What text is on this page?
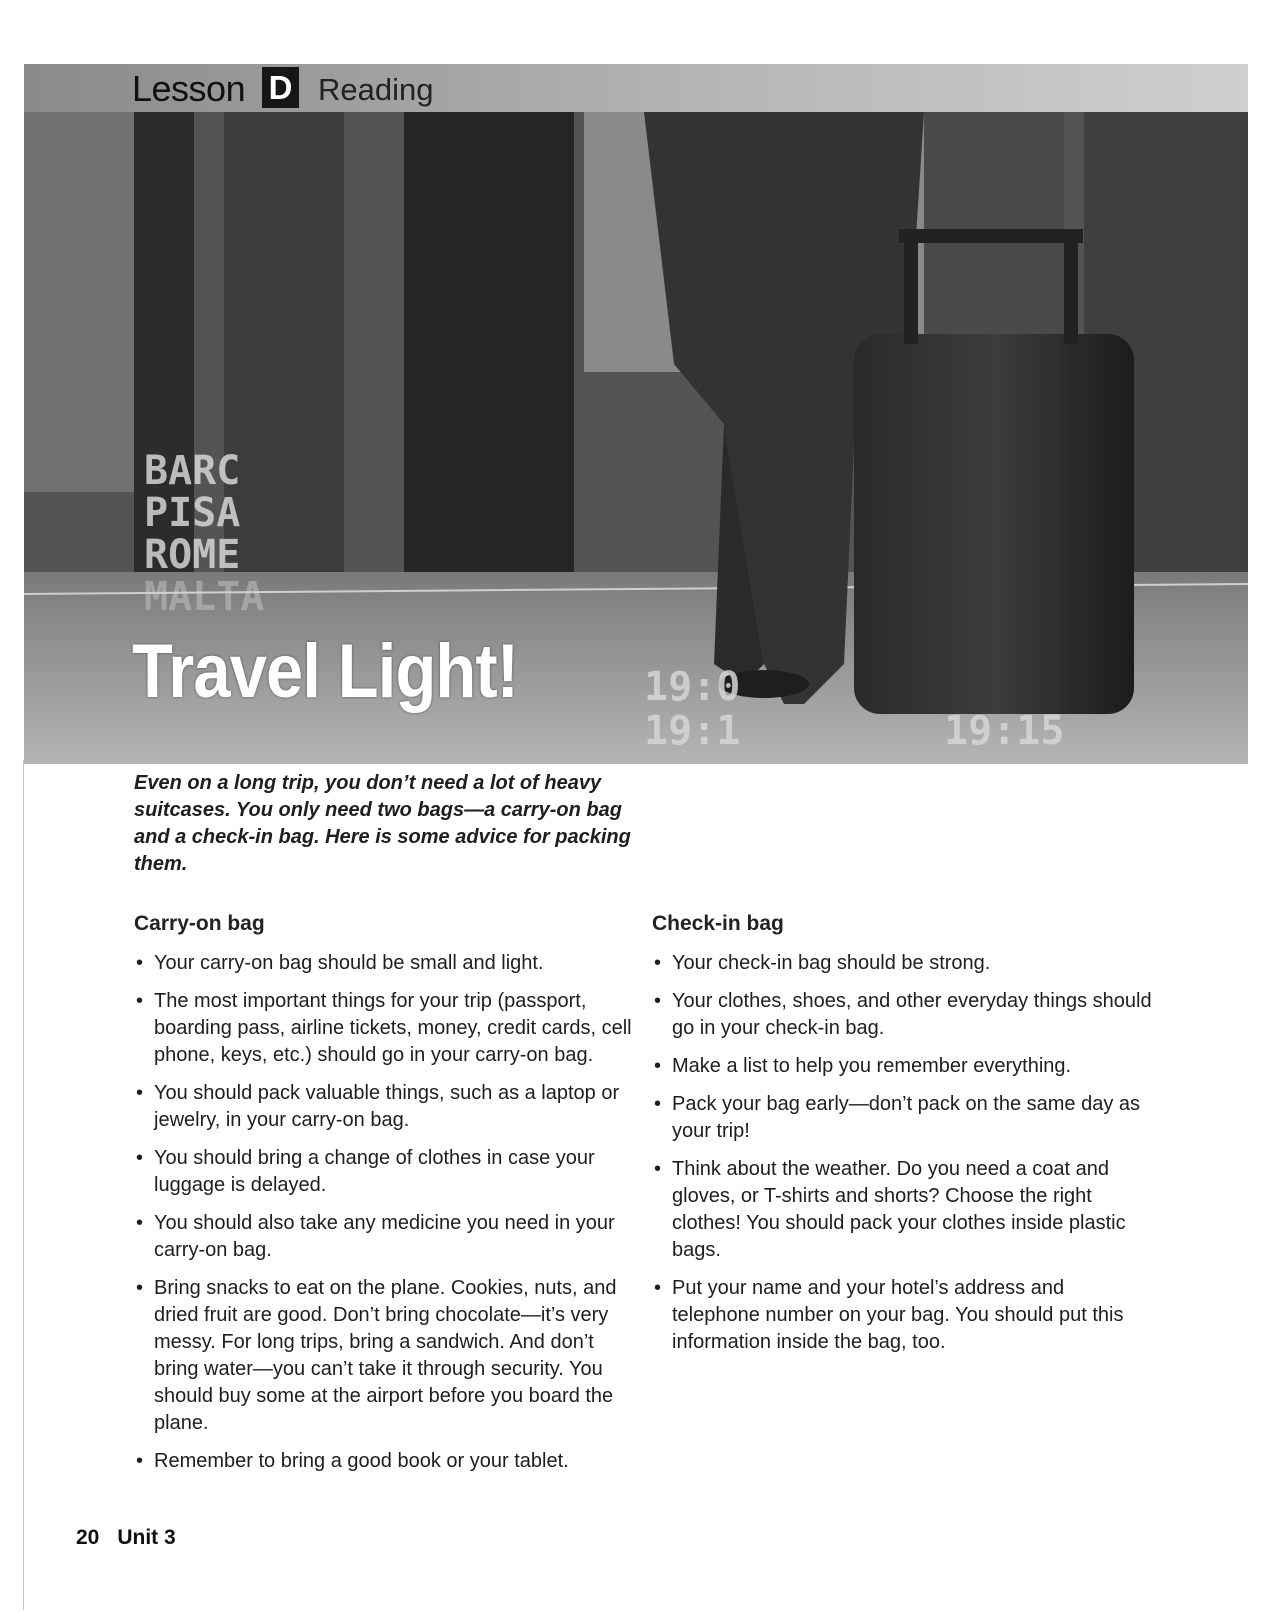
BARC
PISA
ROME
MALTA
19:0
19:1	19:15
Lesson D Reading
Travel Light!

Even on a long trip, you don’t need a lot of heavy suitcases. You only need two bags—a carry-on bag and a check-in bag. Here is some advice for packing them.

Carry-on bag
• Your carry-on bag should be small and light.
• The most important things for your trip (passport, boarding pass, airline tickets, money, credit cards, cell phone, keys, etc.) should go in your carry-on bag.
• You should pack valuable things, such as a laptop or jewelry, in your carry-on bag.
• You should bring a change of clothes in case your luggage is delayed.
• You should also take any medicine you need in your carry-on bag.
• Bring snacks to eat on the plane. Cookies, nuts, and dried fruit are good. Don’t bring chocolate—it’s very messy. For long trips, bring a sandwich. And don’t bring water—you can’t take it through security. You should buy some at the airport before you board the plane.
• Remember to bring a good book or your tablet.
Check-in bag
• Your check-in bag should be strong.
• Your clothes, shoes, and other everyday things should go in your check-in bag.
• Make a list to help you remember everything.
• Pack your bag early—don’t pack on the same day as your trip!
• Think about the weather. Do you need a coat and gloves, or T-shirts and shorts? Choose the right clothes! You should pack your clothes inside plastic bags.
• Put your name and your hotel’s address and telephone number on your bag. You should put this information inside the bag, too.
20 Unit 3
